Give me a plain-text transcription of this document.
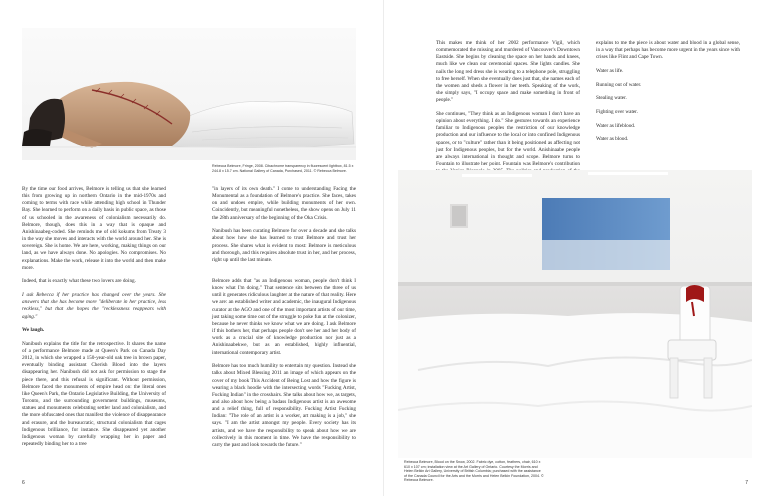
Rebecca Belmore, Fringe, 2008. Cibachrome transparency in fluorescent lightbox, 81.5 x 244.8 x 15.7 cm. National Gallery of Canada, Purchased, 2011. © Rebecca Belmore.

By the time our food arrives, Belmore is telling us that she learned this from growing up in northern Ontario in the mid-1970s and coming to terms with race while attending high school in Thunder Bay. She learned to perform on a daily basis in public space, as those of us schooled in the awareness of colonialism necessarily do. Belmore, though, does this in a way that is opaque and Anishinaabeg-coded. She reminds me of old kokums from Treaty 3 in the way she moves and interacts with the world around her. She is sovereign. She is home. We are here, working, making things on our land, as we have always done. No apologies. No compromises. No explanations. Make the work, release it into the world and then make more.

Indeed, that is exactly what these two lovers are doing.

I ask Rebecca if her practice has changed over the years. She answers that she has become more "deliberate in her practice, less reckless," but that she hopes the "recklessness reappears with aging."

We laugh.

Nanibush explains the title for the retrospective. It shares the name of a performance Belmore made at Queen's Park on Canada Day 2012, in which she wrapped a 150-year-old oak tree in brown paper, eventually binding assistant Cherish Blood into the layers disappearing her. Nanibush did not ask for permission to stage the piece there, and this refusal is significant. Without permission, Belmore faced the monuments of empire head on: the literal ones like Queen's Park, the Ontario Legislative Building, the University of Toronto, and the surrounding government buildings, museums, statues and monuments celebrating settler land and colonialism, and the more obfuscated ones that manifest the violence of disappearance and erasure, and the bureaucratic, structural colonialism that cages Indigenous brilliance, for instance. She disappeared yet another Indigenous woman by carefully wrapping her in paper and repeatedly binding her to a tree

"in layers of its own death." I come to understanding Facing the Monumental as a foundation of Belmore's practice. She faces, takes on and undoes empire, while building monuments of her own. Coincidently, but meaningful nonetheless, the show opens on July 11 the 28th anniversary of the beginning of the Oka Crisis.

Nanibush has been curating Belmore for over a decade and she talks about how how she has learned to trust Belmore and trust her process. She shares what is evident to most: Belmore is meticulous and thorough, and this requires absolute trust in her, and her process, right up until the last minute.

Belmore adds that "as an Indigenous woman, people don't think I know what I'm doing." That sentence sits between the three of us until it generates ridiculous laughter at the nature of that reality. Here we are: an established writer and academic, the inaugural Indigenous curator at the AGO and one of the most important artists of our time, just taking some time out of the struggle to poke fun at the colonizer, because he never thinks we know what we are doing. I ask Belmore if this bothers her, that perhaps people don't see her and her body of work as a crucial site of knowledge production nor just as a Anishinaabekwe, but as an established, highly influential, international contemporary artist.

Belmore has too much humility to entertain my question. Instead she talks about Mixed Blessing 2011 an image of which appears on the cover of my book This Accident of Being Lost and how the figure is wearing a black hoodie with the intersecting words "Fucking Artist, Fucking Indian" in the crosshairs. She talks about how we, as targets, and also about how being a badass Indigenous artist is an awesome and a relief thing, full of responsibility. Fucking Artist Fucking Indian: "The role of an artist is a worker, art making is a job," she says. "I am the artist amongst my people. Every society has its artists, and we have the responsibility to speak about how we are collectively in this moment in time. We have the responsibility to carry the past and look towards the future."

6

This makes me think of her 2002 performance Vigil, which commemorated the missing and murdered of Vancouver's Downtown Eastside. She begins by cleaning the space on her hands and knees, much like we clean our ceremonial spaces. She lights candles. She nails the long red dress she is wearing to a telephone pole, struggling to free herself. When she eventually does just that, she names each of the women and sheds a flower in her teeth. Speaking of the work, she simply says, "I occupy space and make something in front of people."

She continues, "They think as an Indigenous woman I don't have an opinion about everything. I do." She gestures towards an experience familiar to Indigenous peoples the restriction of our knowledge production and our influence to the local or into confined Indigenous spaces, or to "culture" rather than it being positioned as affecting not just for Indigenous peoples, but for the world. Anishinaabe people are always international in thought and scope. Belmore turns to Fountain to illustrate her point. Fountain was Belmore's contribution

explains to me the piece is about water and blood in a global sense, in a way that perhaps has become more urgent in the years since with crises like Flint and Cape Town.

Water as life.

Running out of water.

Stealing water.

Fighting over water.

Water as lifeblood.

Water as blood.

Rebecca Belmore, Blood on the Snow, 2002. Fabric dye, cotton, feathers, chair, 610 x 610 x 107 cm; installation view at the Art Gallery of Ontario. Courtesy the Morris and Helen Belkin Art Gallery, University of British Columbia; purchased with the assistance of the Canada Council for the Arts and the Morris and Helen Belkin Foundation, 2004. © Rebecca Belmore.	7
